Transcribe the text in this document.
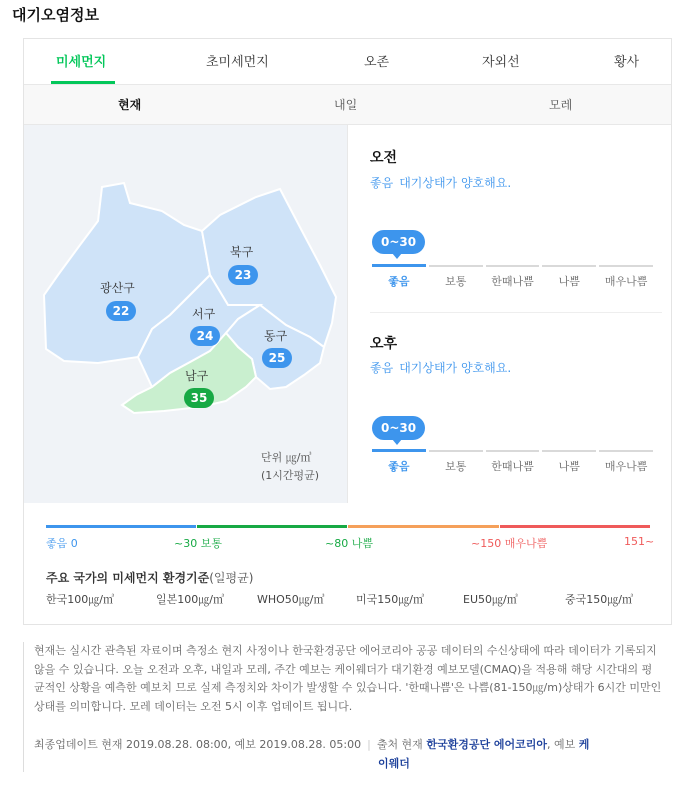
대기오염정보
미세먼지	초미세먼지	오존	자외선	황사
현재	내일	모레
광산구
22
북구
23
서구
24	동구
25
남구
35
단위 ㎍/㎥
(1시간평균)
오전
좋음 대기상태가 양호해요.
0~30
좋음	보통	한때나쁨	나쁨	매우나쁨
오후
좋음 대기상태가 양호해요.
0~30
좋음	보통	한때나쁨	나쁨	매우나쁨
좋음 0	~30 보통	~80 나쁨	~150 매우나쁨	151~
주요 국가의 미세먼지 환경기준(일평균)
한국100㎍/㎥	일본100㎍/㎥	WHO50㎍/㎥	미국150㎍/㎥	EU50㎍/㎥	중국150㎍/㎥

현재는 실시간 관측된 자료이며 측정소 현지 사정이나 한국환경공단 에어코리아 공공 데이터의 수신상태에 따라 데이터가 기록되지 않을 수 있습니다. 오늘 오전과 오후, 내일과 모레, 주간 예보는 케이웨더가 대기환경 예보모델(CMAQ)을 적용해 해당 시간대의 평균적인 상황을 예측한 예보치 므로 실제 측정치와 차이가 발생할 수 있습니다. '한때나쁨'은 나쁨(81-150㎍/m)상태가 6시간 미만인 상태를 의미합니다. 모레 데이터는 오전 5시 이후 업데이트 됩니다.

최종업데이트 현재 2019.08.28. 08:00, 예보 2019.08.28. 05:00 | 출처 현재 한국환경공단 에어코리아, 예보 케
이웨더
